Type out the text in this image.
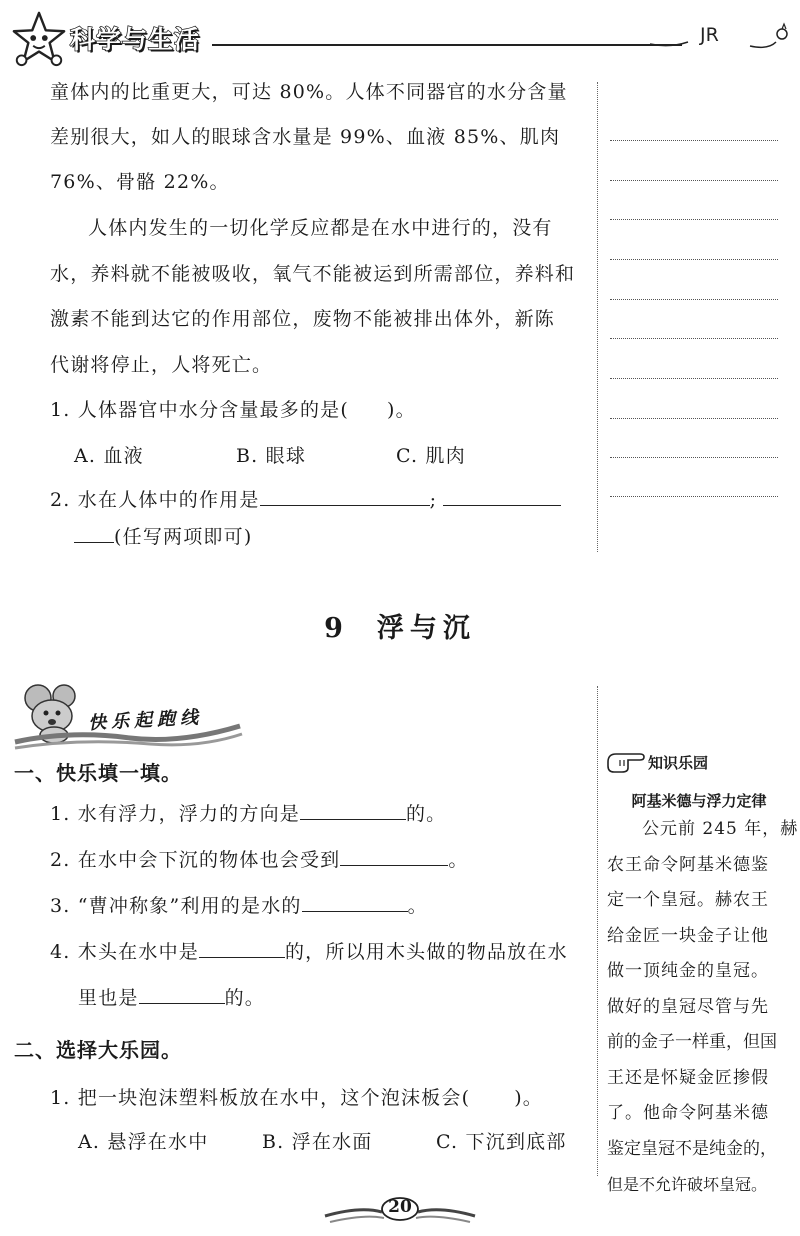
科学与生活	JR
童体内的比重更大，可达 80%。人体不同器官的水分含量
差别很大，如人的眼球含水量是 99%、血液 85%、肌肉
76%、骨骼 22%。
人体内发生的一切化学反应都是在水中进行的，没有
水，养料就不能被吸收，氧气不能被运到所需部位，养料和
激素不能到达它的作用部位，废物不能被排出体外，新陈
代谢将停止，人将死亡。
1. 人体器官中水分含量最多的是( )。
A. 血液	B. 眼球	C. 肌肉
2. 水在人体中的作用是	;
(任写两项即可)
9 浮与沉
快乐起跑线
一、快乐填一填。
1. 水有浮力，浮力的方向是	的。
2. 在水中会下沉的物体也会受到	。
3. “曹冲称象”利用的是水的	。
4. 木头在水中是	的，所以用木头做的物品放在水
里也是	的。
二、选择大乐园。
1. 把一块泡沫塑料板放在水中，这个泡沫板会( )。
A. 悬浮在水中	B. 浮在水面	C. 下沉到底部
知识乐园
阿基米德与浮力定律
公元前 245 年，赫
农王命令阿基米德鉴
定一个皇冠。赫农王
给金匠一块金子让他
做一顶纯金的皇冠。
做好的皇冠尽管与先
前的金子一样重，但国
王还是怀疑金匠掺假
了。他命令阿基米德
鉴定皇冠不是纯金的，
但是不允许破坏皇冠。
20
